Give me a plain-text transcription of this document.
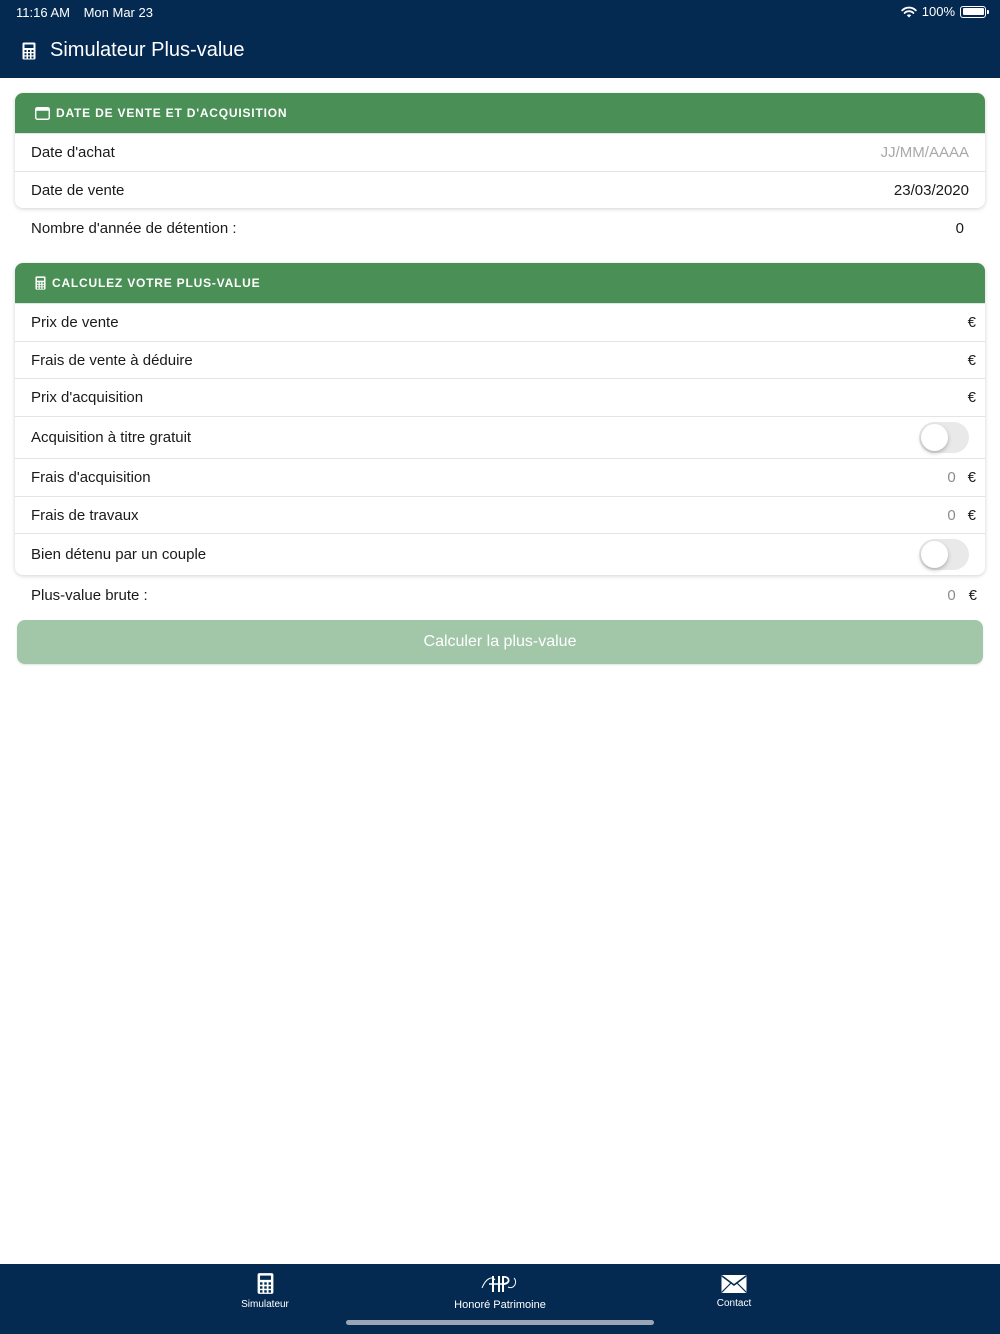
11:16 AM Mon Mar 23	100%
Simulateur Plus-value
DATE DE VENTE ET D'ACQUISITION
Date d'achat	JJ/MM/AAAA
Date de vente	23/03/2020
Nombre d'année de détention :	0
CALCULEZ VOTRE PLUS-VALUE
Prix de vente	€
Frais de vente à déduire	€
Prix d'acquisition	€
Acquisition à titre gratuit
Frais d'acquisition	0 €
Frais de travaux	0 €
Bien détenu par un couple
Plus-value brute :	0 €
Calculer la plus-value
Simulateur	Honoré Patrimoine	Contact
